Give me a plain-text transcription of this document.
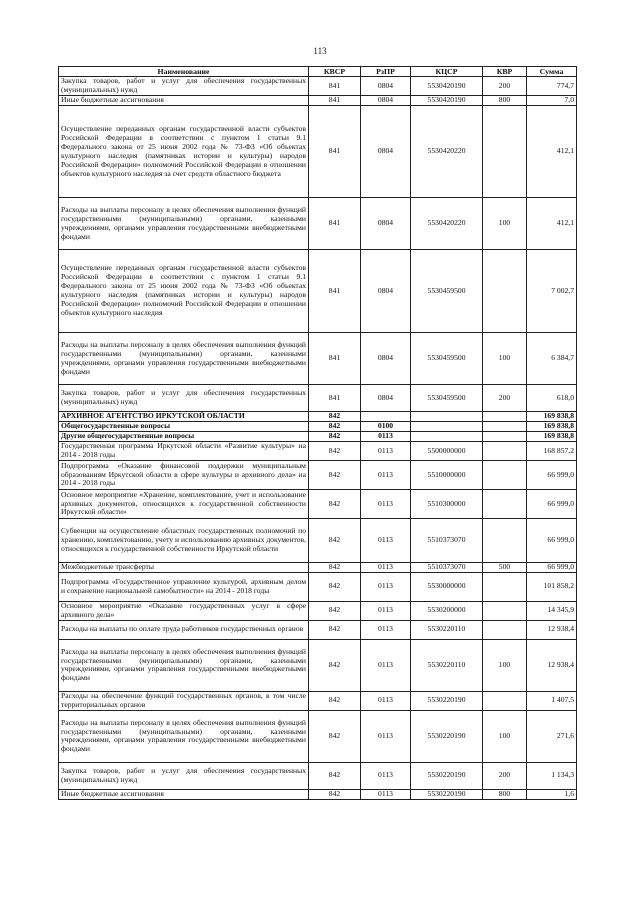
113
Наименование	КВСР	РзПР	КЦСР	КВР	Сумма
Закупка товаров, работ и услуг для обеспечения государственных (муниципальных) нужд	841	0804	5530420190	200	774,7
Иные бюджетные ассигнования	841	0804	5530420190	800	7,0
Осуществление переданных органам государственной власти субъектов Российской Федерации в соответствии с пунктом 1 статьи 9.1 Федерального закона от 25 июня 2002 года № 73-ФЗ «Об объектах культурного наследия (памятниках истории и культуры) народов Российской Федерации» полномочий Российской Федерации в отношении объектов культурного наследия за счет средств областного бюджета	841	0804	5530420220		412,1
Расходы на выплаты персоналу в целях обеспечения выполнения функций государственными (муниципальными) органами, казенными учреждениями, органами управления государственными внебюджетными фондами	841	0804	5530420220	100	412,1
Осуществление переданных органам государственной власти субъектов Российской Федерации в соответствии с пунктом 1 статьи 9.1 Федерального закона от 25 июня 2002 года № 73-ФЗ «Об объектах культурного наследия (памятниках истории и культуры) народов Российской Федерации» полномочий Российской Федерации в отношении объектов культурного наследия	841	0804	5530459500		7 002,7
Расходы на выплаты персоналу в целях обеспечения выполнения функций государственными (муниципальными) органами, казенными учреждениями, органами управления государственными внебюджетными фондами	841	0804	5530459500	100	6 384,7
Закупка товаров, работ и услуг для обеспечения государственных (муниципальных) нужд	841	0804	5530459500	200	618,0
АРХИВНОЕ АГЕНТСТВО ИРКУТСКОЙ ОБЛАСТИ	842				169 838,8
Общегосударственные вопросы	842	0100			169 838,8
Другие общегосударственные вопросы	842	0113			169 838,8
Государственная программа Иркутской области «Развитие культуры» на 2014 - 2018 годы	842	0113	5500000000		168 857,2
Подпрограмма «Оказание финансовой поддержки муниципальным образованиям Иркутской области в сфере культуры и архивного дела» на 2014 - 2018 годы	842	0113	5510000000		66 999,0
Основное мероприятие «Хранение, комплектование, учет и использование архивных документов, относящихся к государственной собственности Иркутской области»	842	0113	5510300000		66 999,0
Субвенции на осуществление областных государственных полномочий по хранению, комплектованию, учету и использованию архивных документов, относящихся к государственной собственности Иркутской области	842	0113	5510373070		66 999,0
Межбюджетные трансферты	842	0113	5510373070	500	66 999,0
Подпрограмма «Государственное управление культурой, архивным делом и сохранение национальной самобытности» на 2014 - 2018 годы	842	0113	5530000000		101 858,2
Основное мероприятие «Оказание государственных услуг в сфере архивного дела»	842	0113	5530200000		14 345,9
Расходы на выплаты по оплате труда работников государственных органов	842	0113	5530220110		12 938,4
Расходы на выплаты персоналу в целях обеспечения выполнения функций государственными (муниципальными) органами, казенными учреждениями, органами управления государственными внебюджетными фондами	842	0113	5530220110	100	12 938,4
Расходы на обеспечение функций государственных органов, в том числе территориальных органов	842	0113	5530220190		1 407,5
Расходы на выплаты персоналу в целях обеспечения выполнения функций государственными (муниципальными) органами, казенными учреждениями, органами управления государственными внебюджетными фондами	842	0113	5530220190	100	271,6
Закупка товаров, работ и услуг для обеспечения государственных (муниципальных) нужд	842	0113	5530220190	200	1 134,3
Иные бюджетные ассигнования	842	0113	5530220190	800	1,6
